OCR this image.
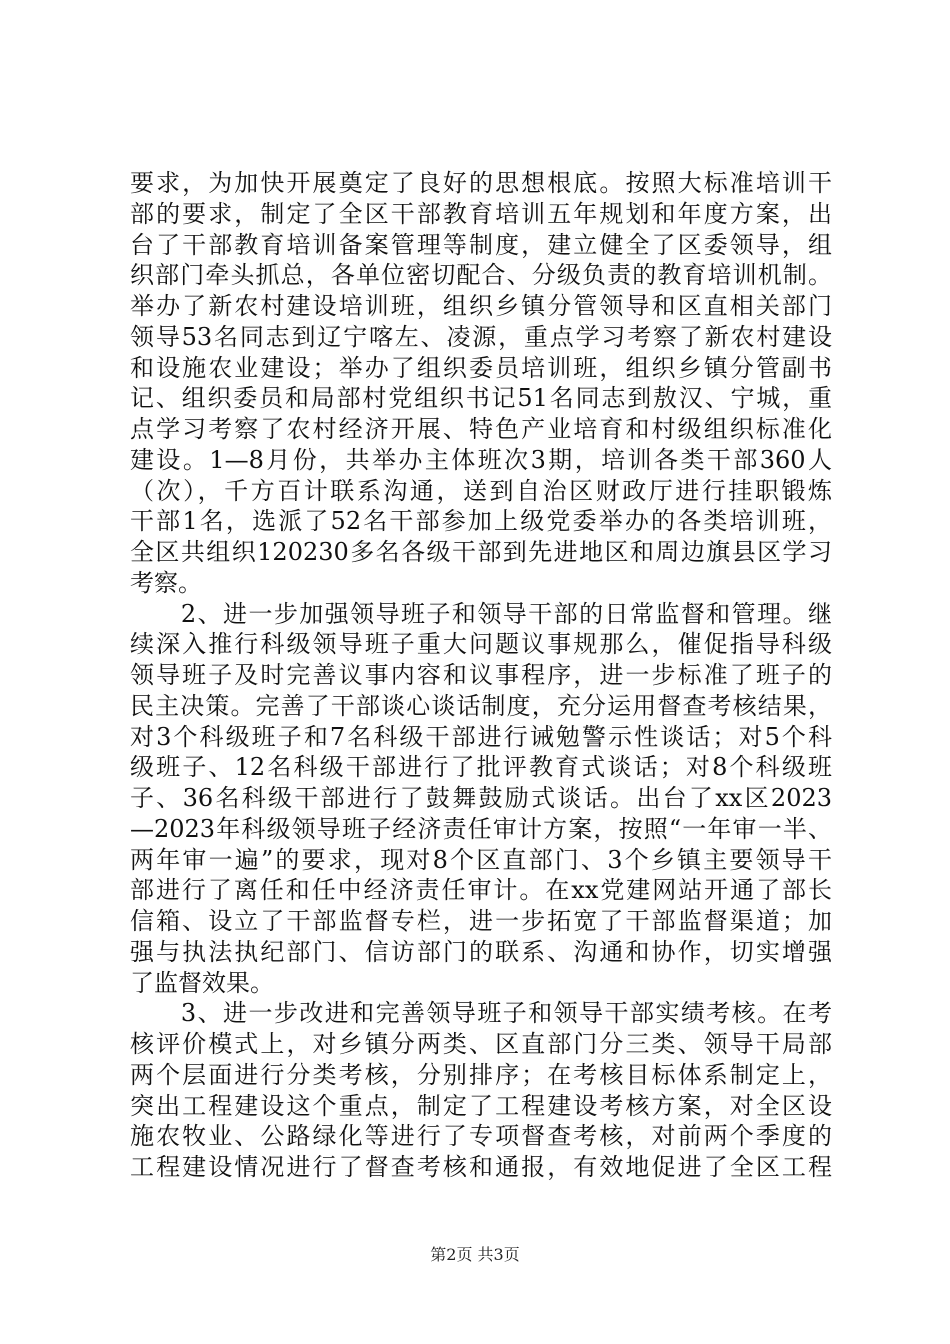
要求，为加快开展奠定了良好的思想根底。按照大标准培训干
部的要求，制定了全区干部教育培训五年规划和年度方案，出
台了干部教育培训备案管理等制度，建立健全了区委领导，组
织部门牵头抓总，各单位密切配合、分级负责的教育培训机制。
举办了新农村建设培训班，组织乡镇分管领导和区直相关部门
领导53名同志到辽宁喀左、凌源，重点学习考察了新农村建设
和设施农业建设；举办了组织委员培训班，组织乡镇分管副书
记、组织委员和局部村党组织书记51名同志到敖汉、宁城，重
点学习考察了农村经济开展、特色产业培育和村级组织标准化
建设。1—8月份，共举办主体班次3期，培训各类干部360人
（次），千方百计联系沟通，送到自治区财政厅进行挂职锻炼
干部1名，选派了52名干部参加上级党委举办的各类培训班，
全区共组织120230多名各级干部到先进地区和周边旗县区学习
考察。
　　2、进一步加强领导班子和领导干部的日常监督和管理。继
续深入推行科级领导班子重大问题议事规那么，催促指导科级
领导班子及时完善议事内容和议事程序，进一步标准了班子的
民主决策。完善了干部谈心谈话制度，充分运用督查考核结果，
对3个科级班子和7名科级干部进行诫勉警示性谈话；对5个科
级班子、12名科级干部进行了批评教育式谈话；对8个科级班
子、36名科级干部进行了鼓舞鼓励式谈话。出台了xx区2023
—2023年科级领导班子经济责任审计方案，按照“一年审一半、
两年审一遍”的要求，现对8个区直部门、3个乡镇主要领导干
部进行了离任和任中经济责任审计。在xx党建网站开通了部长
信箱、设立了干部监督专栏，进一步拓宽了干部监督渠道；加
强与执法执纪部门、信访部门的联系、沟通和协作，切实增强
了监督效果。
　　3、进一步改进和完善领导班子和领导干部实绩考核。在考
核评价模式上，对乡镇分两类、区直部门分三类、领导干局部
两个层面进行分类考核，分别排序；在考核目标体系制定上，
突出工程建设这个重点，制定了工程建设考核方案，对全区设
施农牧业、公路绿化等进行了专项督查考核，对前两个季度的
工程建设情况进行了督查考核和通报，有效地促进了全区工程
第2页 共3页
